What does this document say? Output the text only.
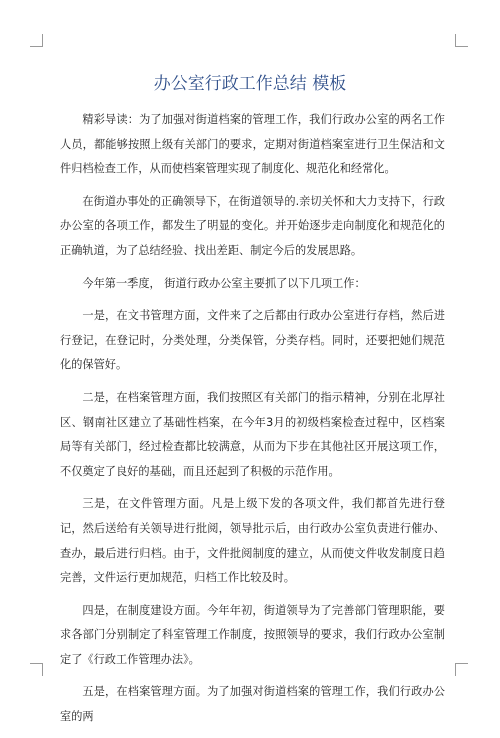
办公室行政工作总结 模板

精彩导读：为了加强对街道档案的管理工作，我们行政办公室的两名工作人员，都能够按照上级有关部门的要求，定期对街道档案室进行卫生保洁和文件归档检查工作，从而使档案管理实现了制度化、规范化和经常化。

在街道办事处的正确领导下，在街道领导的.亲切关怀和大力支持下，行政办公室的各项工作，都发生了明显的变化。并开始逐步走向制度化和规范化的正确轨道，为了总结经验、找出差距、制定今后的发展思路。

今年第一季度， 街道行政办公室主要抓了以下几项工作：

一是，在文书管理方面，文件来了之后都由行政办公室进行存档，然后进行登记，在登记时，分类处理，分类保管，分类存档。同时，还要把她们规范化的保管好。

二是，在档案管理方面，我们按照区有关部门的指示精神，分别在北厚社区、钢南社区建立了基础性档案，在今年3月的初级档案检查过程中，区档案局等有关部门，经过检查都比较满意，从而为下步在其他社区开展这项工作，不仅奠定了良好的基础，而且还起到了积极的示范作用。

三是，在文件管理方面。凡是上级下发的各项文件，我们都首先进行登记，然后送给有关领导进行批阅，领导批示后，由行政办公室负责进行催办、查办，最后进行归档。由于，文件批阅制度的建立，从而使文件收发制度日趋完善，文件运行更加规范，归档工作比较及时。

四是，在制度建设方面。今年年初，街道领导为了完善部门管理职能，要求各部门分别制定了科室管理工作制度，按照领导的要求，我们行政办公室制定了《行政工作管理办法》。

五是，在档案管理方面。为了加强对街道档案的管理工作，我们行政办公室的两
